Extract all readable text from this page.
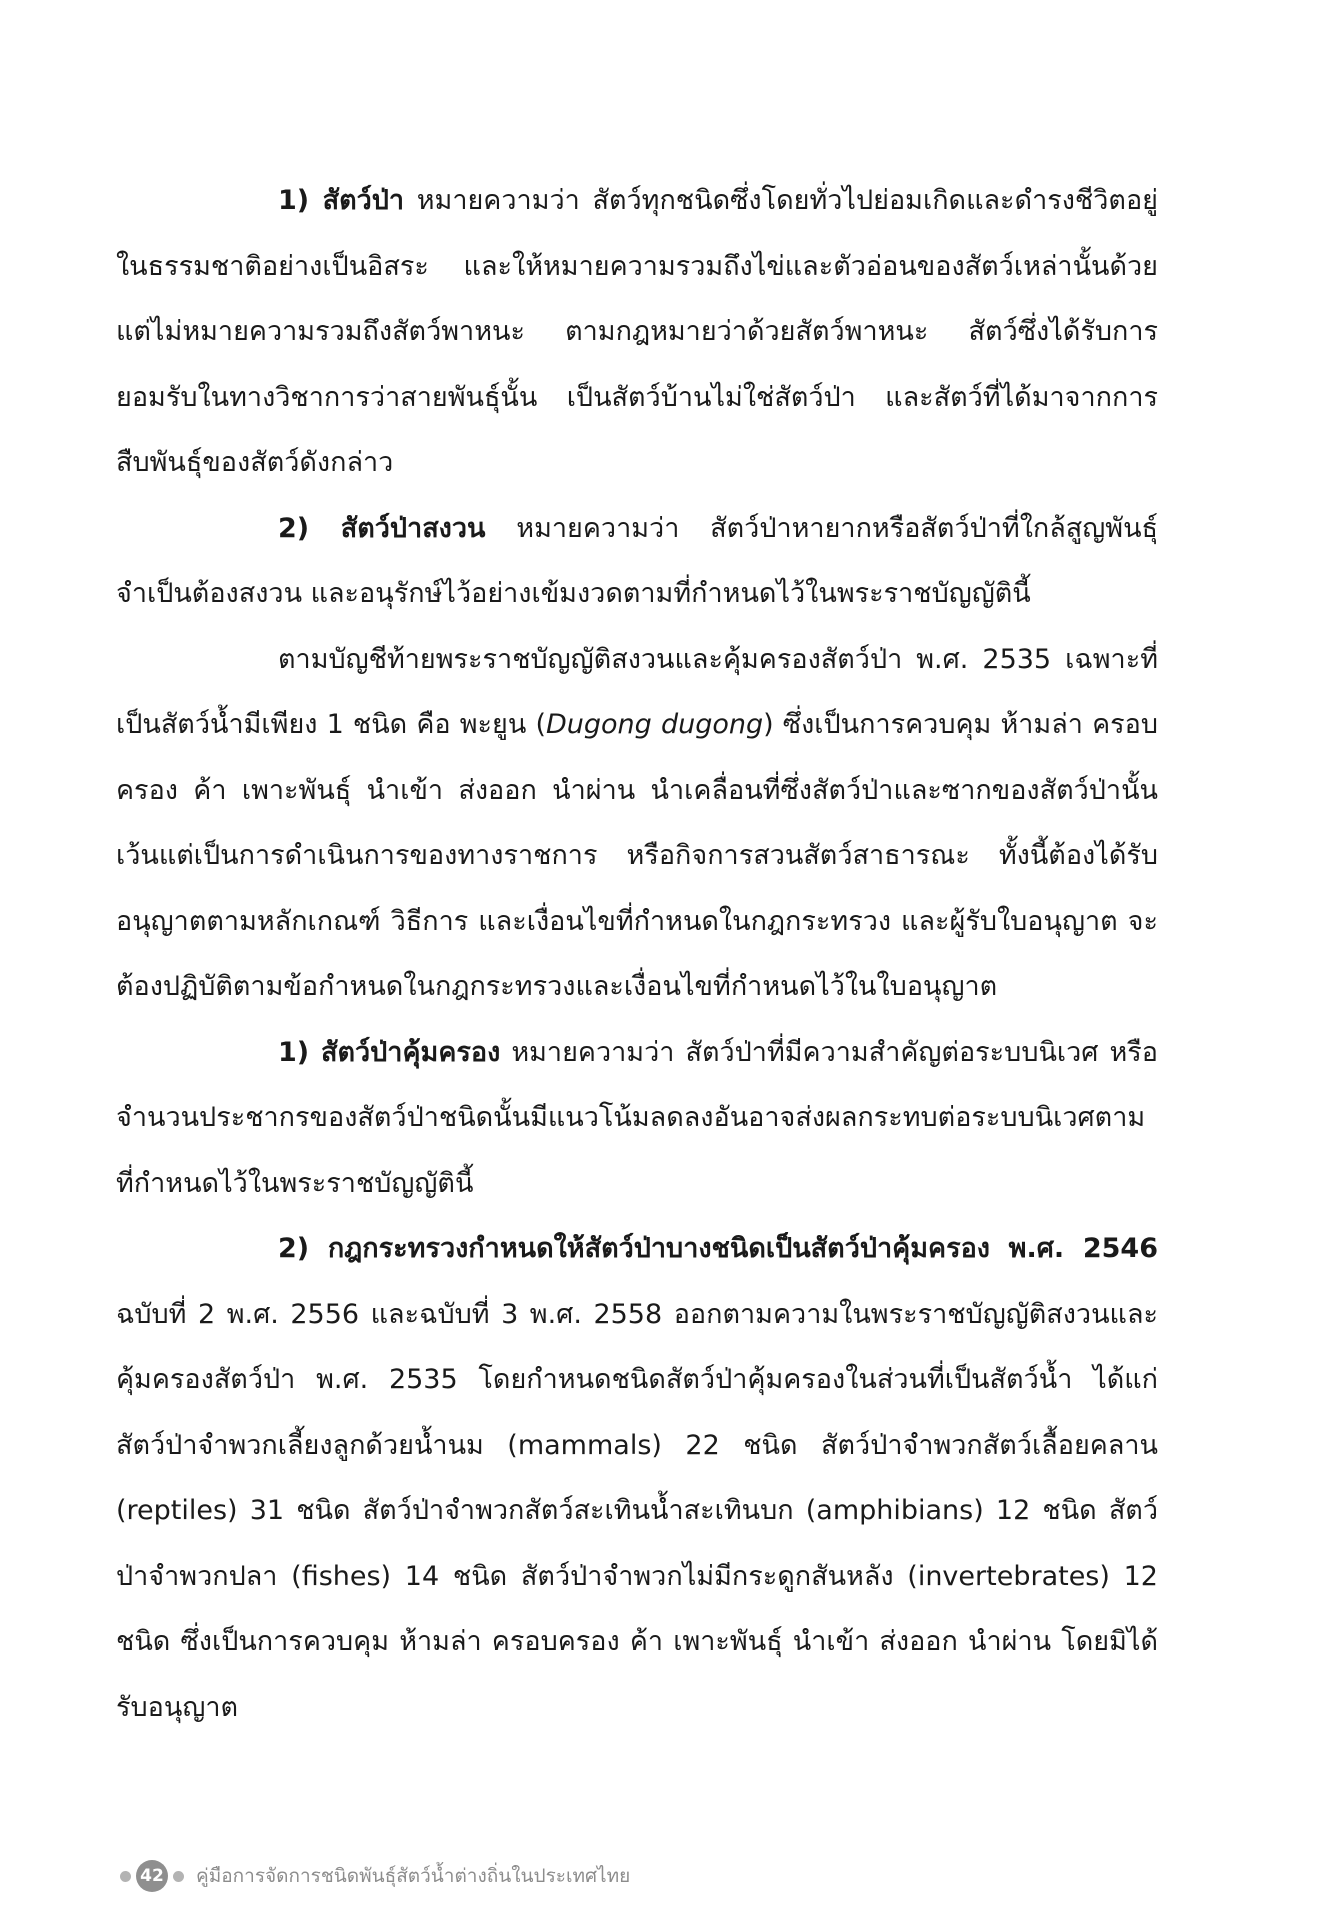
1) สัตว์ป่า หมายความว่า สัตว์ทุกชนิดซึ่งโดยทั่วไปย่อมเกิดและดำรงชีวิตอยู่ในธรรมชาติอย่างเป็นอิสระ และให้หมายความรวมถึงไข่และตัวอ่อนของสัตว์เหล่านั้นด้วย แต่ไม่หมายความรวมถึงสัตว์พาหนะ ตามกฎหมายว่าด้วยสัตว์พาหนะ สัตว์ซึ่งได้รับการยอมรับในทางวิชาการว่าสายพันธุ์นั้น เป็นสัตว์บ้านไม่ใช่สัตว์ป่า และสัตว์ที่ได้มาจากการสืบพันธุ์ของสัตว์ดังกล่าว

2) สัตว์ป่าสงวน หมายความว่า สัตว์ป่าหายากหรือสัตว์ป่าที่ใกล้สูญพันธุ์จำเป็นต้องสงวน และอนุรักษ์ไว้อย่างเข้มงวดตามที่กำหนดไว้ในพระราชบัญญัตินี้

ตามบัญชีท้ายพระราชบัญญัติสงวนและคุ้มครองสัตว์ป่า พ.ศ. 2535 เฉพาะที่เป็นสัตว์น้ำมีเพียง 1 ชนิด คือ พะยูน (Dugong dugong) ซึ่งเป็นการควบคุม ห้ามล่า ครอบครอง ค้า เพาะพันธุ์ นำเข้า ส่งออก นำผ่าน นำเคลื่อนที่ซึ่งสัตว์ป่าและซากของสัตว์ป่านั้น เว้นแต่เป็นการดำเนินการของทางราชการ หรือกิจการสวนสัตว์สาธารณะ ทั้งนี้ต้องได้รับอนุญาตตามหลักเกณฑ์ วิธีการ และเงื่อนไขที่กำหนดในกฎกระทรวง และผู้รับใบอนุญาต จะต้องปฏิบัติตามข้อกำหนดในกฎกระทรวงและเงื่อนไขที่กำหนดไว้ในใบอนุญาต

1) สัตว์ป่าคุ้มครอง หมายความว่า สัตว์ป่าที่มีความสำคัญต่อระบบนิเวศ หรือจำนวนประชากรของสัตว์ป่าชนิดนั้นมีแนวโน้มลดลงอันอาจส่งผลกระทบต่อระบบนิเวศตามที่กำหนดไว้ในพระราชบัญญัตินี้

2) กฎกระทรวงกำหนดให้สัตว์ป่าบางชนิดเป็นสัตว์ป่าคุ้มครอง พ.ศ. 2546 ฉบับที่ 2 พ.ศ. 2556 และฉบับที่ 3 พ.ศ. 2558 ออกตามความในพระราชบัญญัติสงวนและคุ้มครองสัตว์ป่า พ.ศ. 2535 โดยกำหนดชนิดสัตว์ป่าคุ้มครองในส่วนที่เป็นสัตว์น้ำ ได้แก่ สัตว์ป่าจำพวกเลี้ยงลูกด้วยน้ำนม (mammals) 22 ชนิด สัตว์ป่าจำพวกสัตว์เลื้อยคลาน (reptiles) 31 ชนิด สัตว์ป่าจำพวกสัตว์สะเทินน้ำสะเทินบก (amphibians) 12 ชนิด สัตว์ป่าจำพวกปลา (fishes) 14 ชนิด สัตว์ป่าจำพวกไม่มีกระดูกสันหลัง (invertebrates) 12 ชนิด ซึ่งเป็นการควบคุม ห้ามล่า ครอบครอง ค้า เพาะพันธุ์ นำเข้า ส่งออก นำผ่าน โดยมิได้รับอนุญาต

42 คู่มือการจัดการชนิดพันธุ์สัตว์น้ำต่างถิ่นในประเทศไทย
